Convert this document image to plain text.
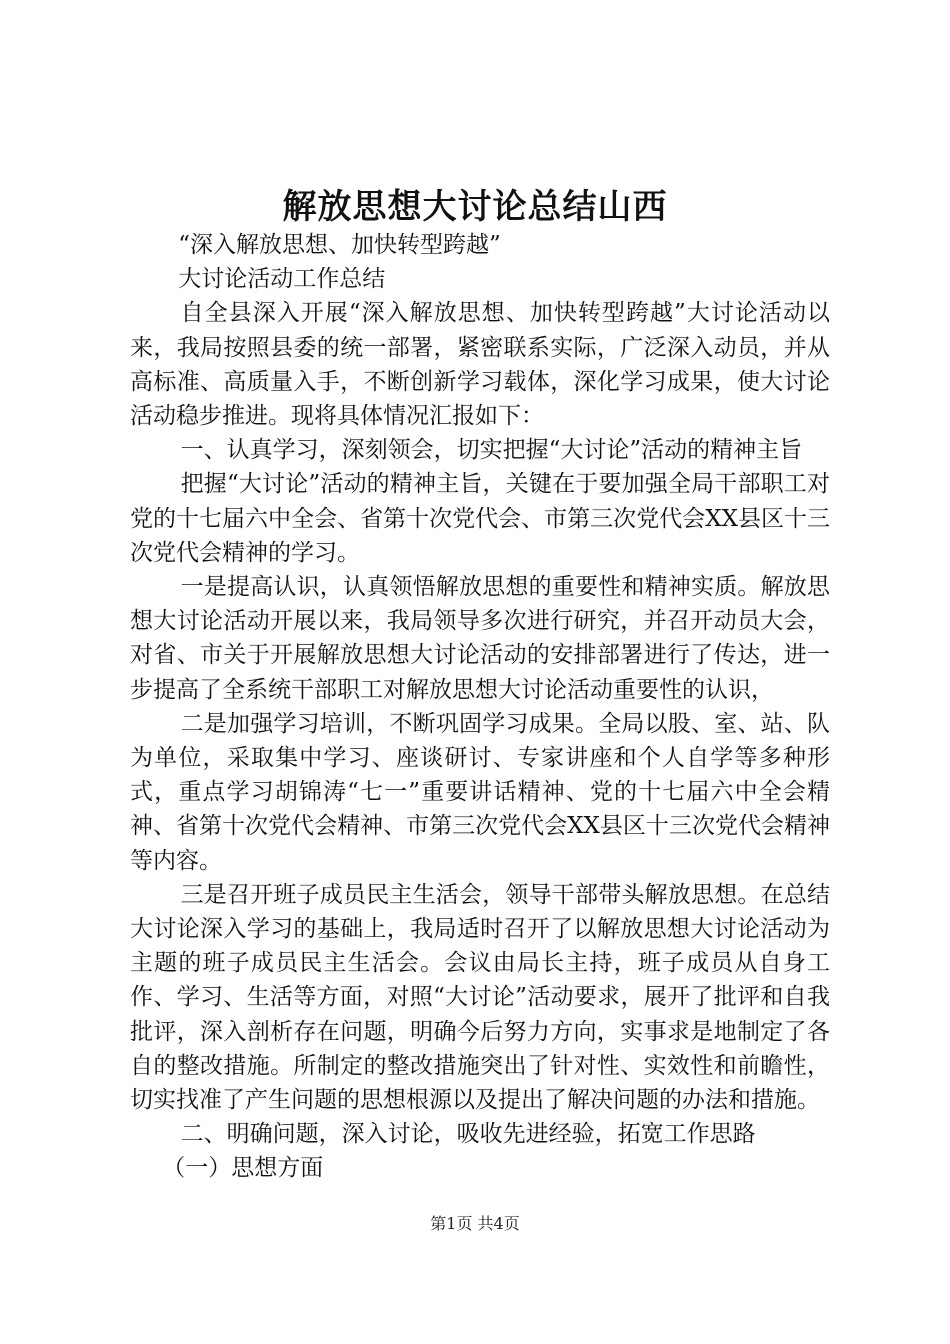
解放思想大讨论总结山西

“深入解放思想、加快转型跨越”

大讨论活动工作总结

自全县深入开展“深入解放思想、加快转型跨越”大讨论活动以来，我局按照县委的统一部署，紧密联系实际，广泛深入动员，并从高标准、高质量入手，不断创新学习载体，深化学习成果，使大讨论活动稳步推进。现将具体情况汇报如下：

一、认真学习，深刻领会，切实把握“大讨论”活动的精神主旨

把握“大讨论”活动的精神主旨，关键在于要加强全局干部职工对党的十七届六中全会、省第十次党代会、市第三次党代会XX县区十三次党代会精神的学习。

一是提高认识，认真领悟解放思想的重要性和精神实质。解放思想大讨论活动开展以来，我局领导多次进行研究，并召开动员大会，对省、市关于开展解放思想大讨论活动的安排部署进行了传达，进一步提高了全系统干部职工对解放思想大讨论活动重要性的认识，

二是加强学习培训，不断巩固学习成果。全局以股、室、站、队为单位，采取集中学习、座谈研讨、专家讲座和个人自学等多种形式，重点学习胡锦涛“七一”重要讲话精神、党的十七届六中全会精神、省第十次党代会精神、市第三次党代会XX县区十三次党代会精神等内容。

三是召开班子成员民主生活会，领导干部带头解放思想。在总结大讨论深入学习的基础上，我局适时召开了以解放思想大讨论活动为主题的班子成员民主生活会。会议由局长主持，班子成员从自身工作、学习、生活等方面，对照“大讨论”活动要求，展开了批评和自我批评，深入剖析存在问题，明确今后努力方向，实事求是地制定了各自的整改措施。所制定的整改措施突出了针对性、实效性和前瞻性，切实找准了产生问题的思想根源以及提出了解决问题的办法和措施。

二、明确问题，深入讨论，吸收先进经验，拓宽工作思路

（一）思想方面

第1页 共4页
